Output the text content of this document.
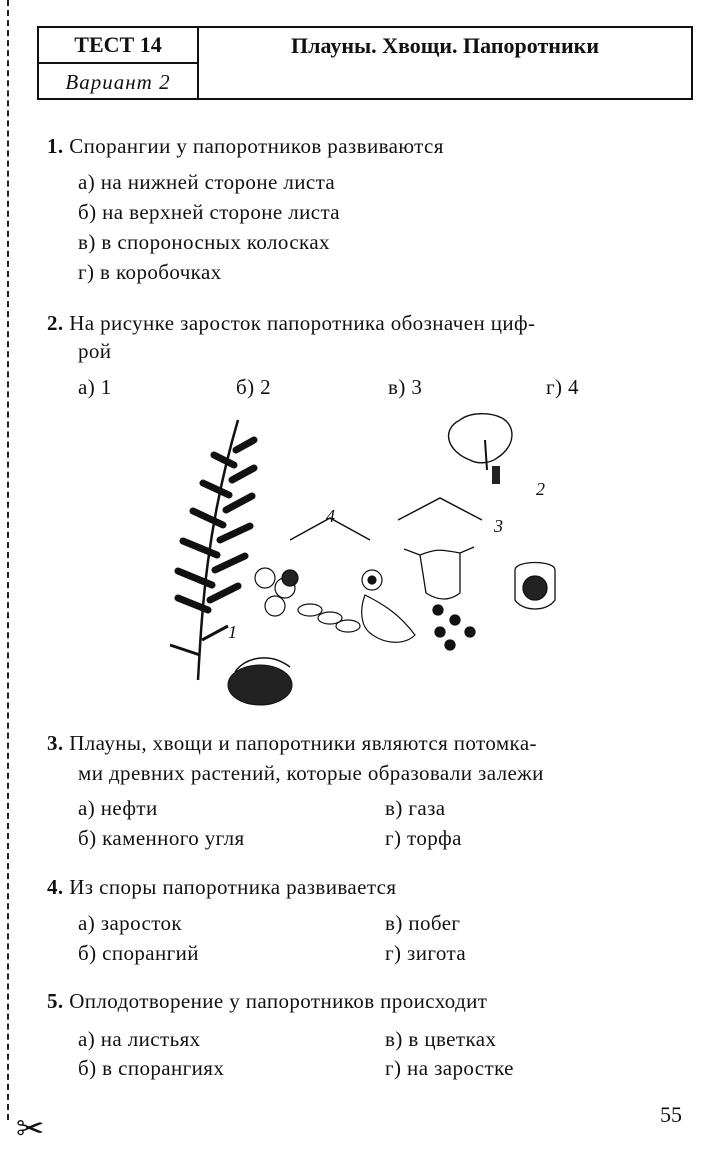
✂
ТЕСТ 14
Вариант 2
Плауны. Хвощи. Папоротники
1. Спорангии у папоротников развиваются
а) на нижней стороне листа
б) на верхней стороне листа
в) в спороносных колосках
г) в коробочках
2. На рисунке заросток папоротника обозначен циф-
рой
а) 1	б) 2	в) 3	г) 4
1
2
3
4
3. Плауны, хвощи и папоротники являются потомка-
ми древних растений, которые образовали залежи
а) нефти
б) каменного угля
в) газа
г) торфа
4. Из споры папоротника развивается
а) заросток
б) спорангий
в) побег
г) зигота
5. Оплодотворение у папоротников происходит
а) на листьях
б) в спорангиях
в) в цветках
г) на заростке
55
